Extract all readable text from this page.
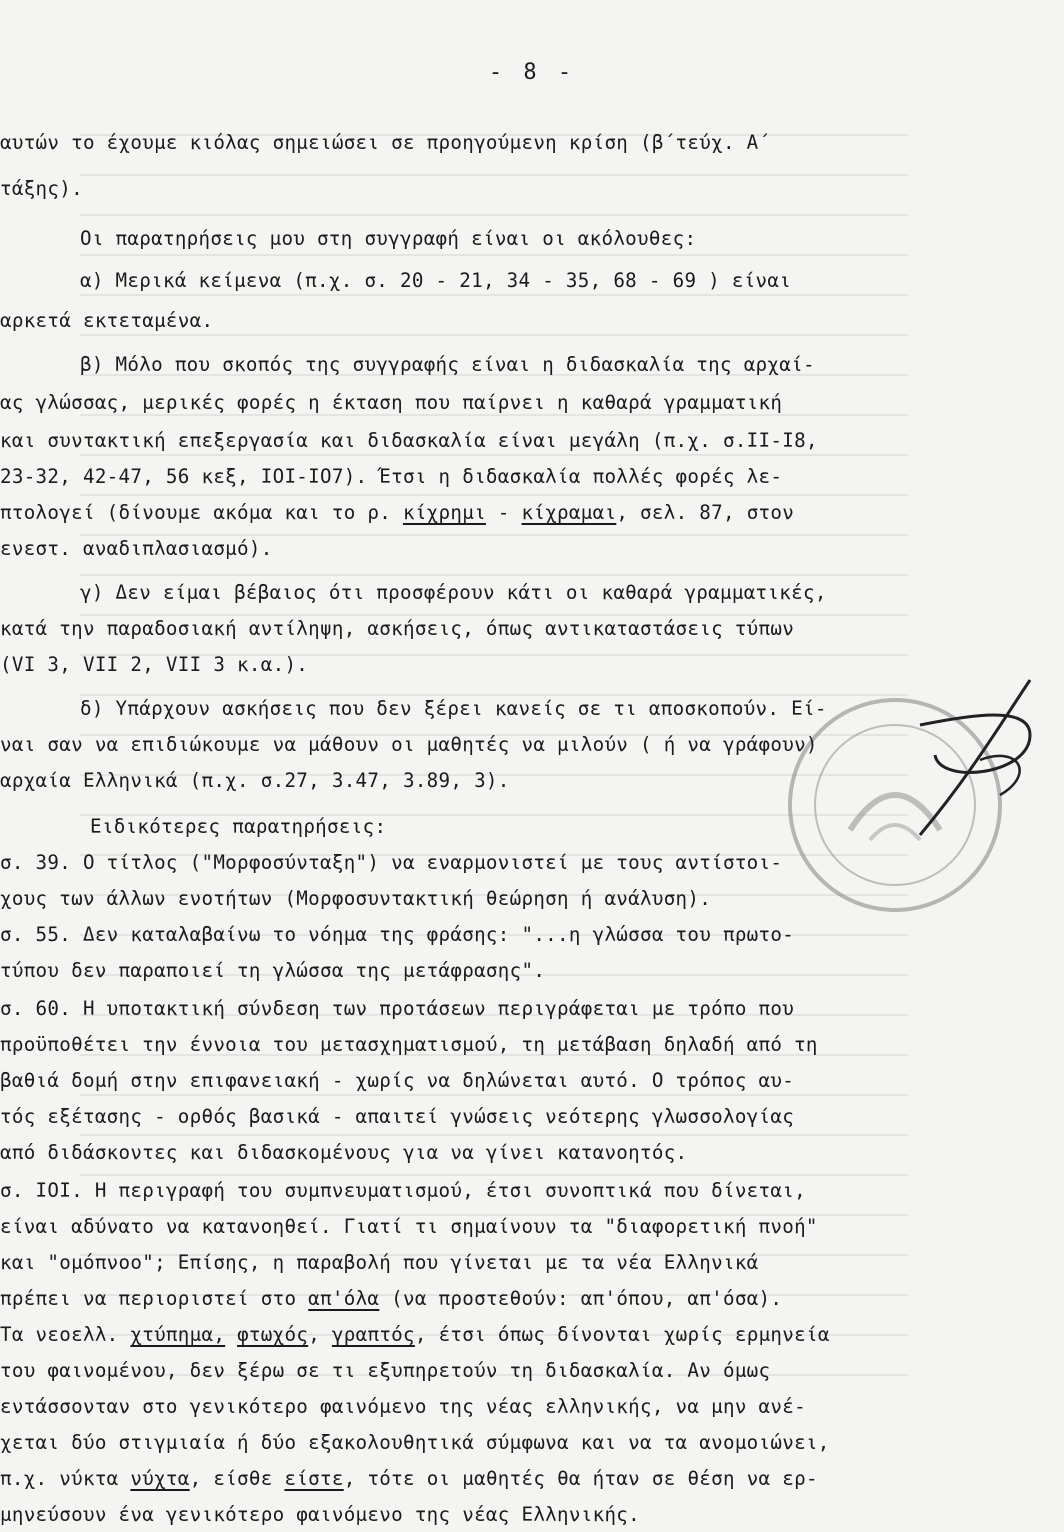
- 8 -
αυτών το έχουμε κιόλας σημειώσει σε προηγούμενη κρίση (β΄τεύχ. Α΄
τάξης).
Οι παρατηρήσεις μου στη συγγραφή είναι οι ακόλουθες:
α) Μερικά κείμενα (π.χ. σ. 20 - 21, 34 - 35, 68 - 69 ) είναι
αρκετά εκτεταμένα.
β) Μόλο που σκοπός της συγγραφής είναι η διδασκαλία της αρχαί-
ας γλώσσας, μερικές φορές η έκταση που παίρνει η καθαρά γραμματική
και συντακτική επεξεργασία και διδασκαλία είναι μεγάλη (π.χ. σ.ΙΙ-Ι8,
23-32, 42-47, 56 κεξ, ΙΟΙ-ΙΟ7). Έτσι η διδασκαλία πολλές φορές λε-
πτολογεί (δίνουμε ακόμα και το ρ. κίχρημι - κίχραμαι, σελ. 87, στον
ενεστ. αναδιπλασιασμό).
γ) Δεν είμαι βέβαιος ότι προσφέρουν κάτι οι καθαρά γραμματικές,
κατά την παραδοσιακή αντίληψη, ασκήσεις, όπως αντικαταστάσεις τύπων
(VI 3, VII 2, VII 3 κ.α.).
δ) Υπάρχουν ασκήσεις που δεν ξέρει κανείς σε τι αποσκοπούν. Εί-
ναι σαν να επιδιώκουμε να μάθουν οι μαθητές να μιλούν ( ή να γράφουν)
αρχαία Ελληνικά (π.χ. σ.27, 3.47, 3.89, 3).
Ειδικότερες παρατηρήσεις:
σ. 39. Ο τίτλος ("Μορφοσύνταξη") να εναρμονιστεί με τους αντίστοι-
χους των άλλων ενοτήτων (Μορφοσυντακτική θεώρηση ή ανάλυση).
σ. 55. Δεν καταλαβαίνω το νόημα της φράσης: "...η γλώσσα του πρωτο-
τύπου δεν παραποιεί τη γλώσσα της μετάφρασης".
σ. 60. Η υποτακτική σύνδεση των προτάσεων περιγράφεται με τρόπο που
προϋποθέτει την έννοια του μετασχηματισμού, τη μετάβαση δηλαδή από τη
βαθιά δομή στην επιφανειακή - χωρίς να δηλώνεται αυτό. Ο τρόπος αυ-
τός εξέτασης - ορθός βασικά - απαιτεί γνώσεις νεότερης γλωσσολογίας
από διδάσκοντες και διδασκομένους για να γίνει κατανοητός.
σ. ΙΟΙ. Η περιγραφή του συμπνευματισμού, έτσι συνοπτικά που δίνεται,
είναι αδύνατο να κατανοηθεί. Γιατί τι σημαίνουν τα "διαφορετική πνοή"
και "ομόπνοο"; Επίσης, η παραβολή που γίνεται με τα νέα Ελληνικά
πρέπει να περιοριστεί στο απ'όλα (να προστεθούν: απ'όπου, απ'όσα).
Τα νεοελλ. χτύπημα, φτωχός, γραπτός, έτσι όπως δίνονται χωρίς ερμηνεία
του φαινομένου, δεν ξέρω σε τι εξυπηρετούν τη διδασκαλία. Αν όμως
εντάσσονταν στο γενικότερο φαινόμενο της νέας ελληνικής, να μην ανέ-
χεται δύο στιγμιαία ή δύο εξακολουθητικά σύμφωνα και να τα ανομοιώνει,
π.χ. νύκτα νύχτα, είσθε είστε, τότε οι μαθητές θα ήταν σε θέση να ερ-
μηνεύσουν ένα γενικότερο φαινόμενο της νέας Ελληνικής.
